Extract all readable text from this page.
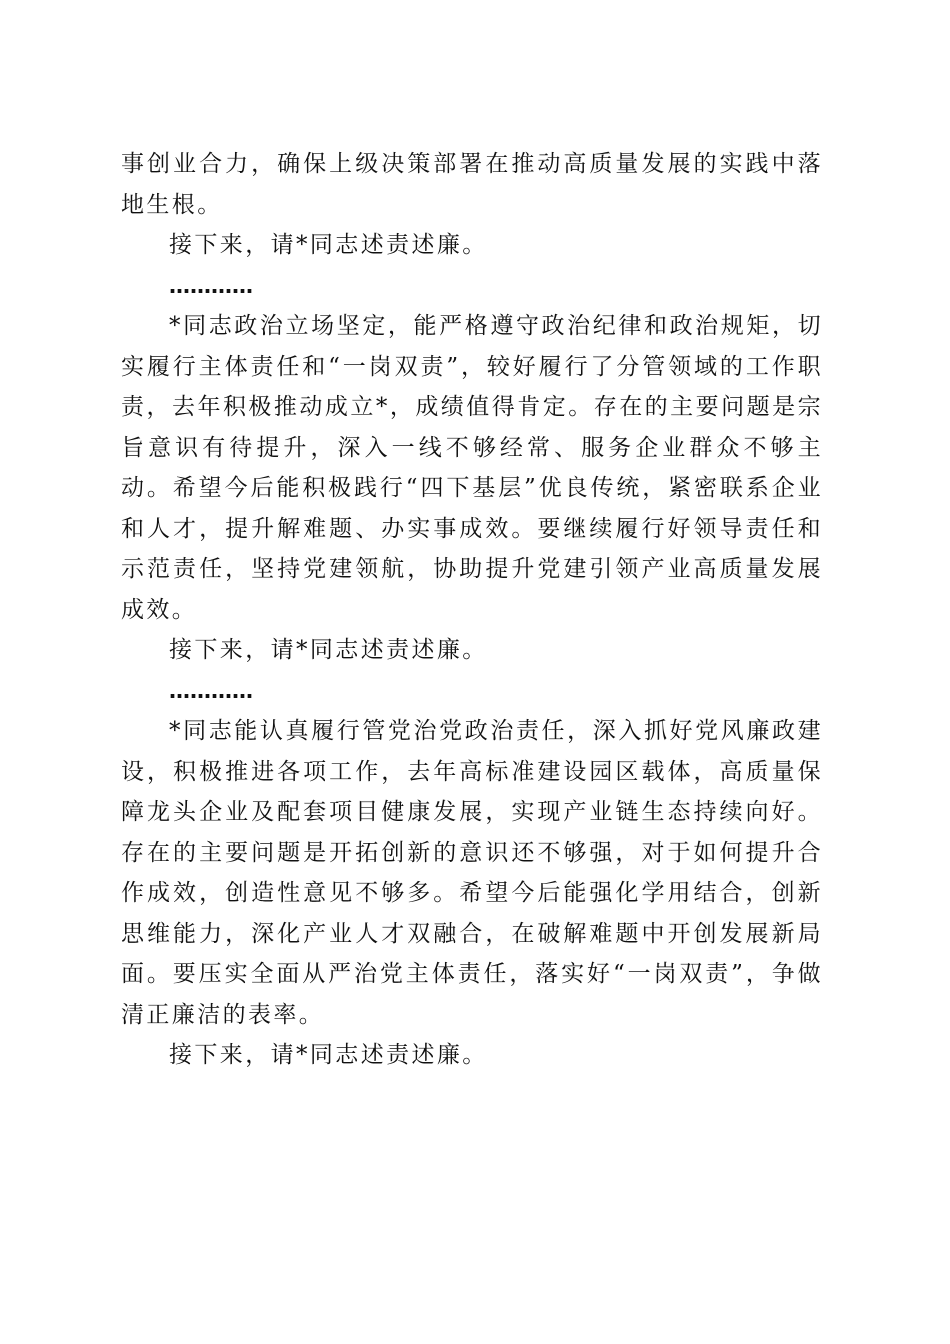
事创业合力，确保上级决策部署在推动高质量发展的实践中落地生根。

接下来，请*同志述责述廉。

…………

*同志政治立场坚定，能严格遵守政治纪律和政治规矩，切实履行主体责任和“一岗双责”，较好履行了分管领域的工作职责，去年积极推动成立*，成绩值得肯定。存在的主要问题是宗旨意识有待提升，深入一线不够经常、服务企业群众不够主动。希望今后能积极践行“四下基层”优良传统，紧密联系企业和人才，提升解难题、办实事成效。要继续履行好领导责任和示范责任，坚持党建领航，协助提升党建引领产业高质量发展成效。

接下来，请*同志述责述廉。

…………

*同志能认真履行管党治党政治责任，深入抓好党风廉政建设，积极推进各项工作，去年高标准建设园区载体，高质量保障龙头企业及配套项目健康发展，实现产业链生态持续向好。存在的主要问题是开拓创新的意识还不够强，对于如何提升合作成效，创造性意见不够多。希望今后能强化学用结合，创新思维能力，深化产业人才双融合，在破解难题中开创发展新局面。要压实全面从严治党主体责任，落实好“一岗双责”，争做清正廉洁的表率。

接下来，请*同志述责述廉。
